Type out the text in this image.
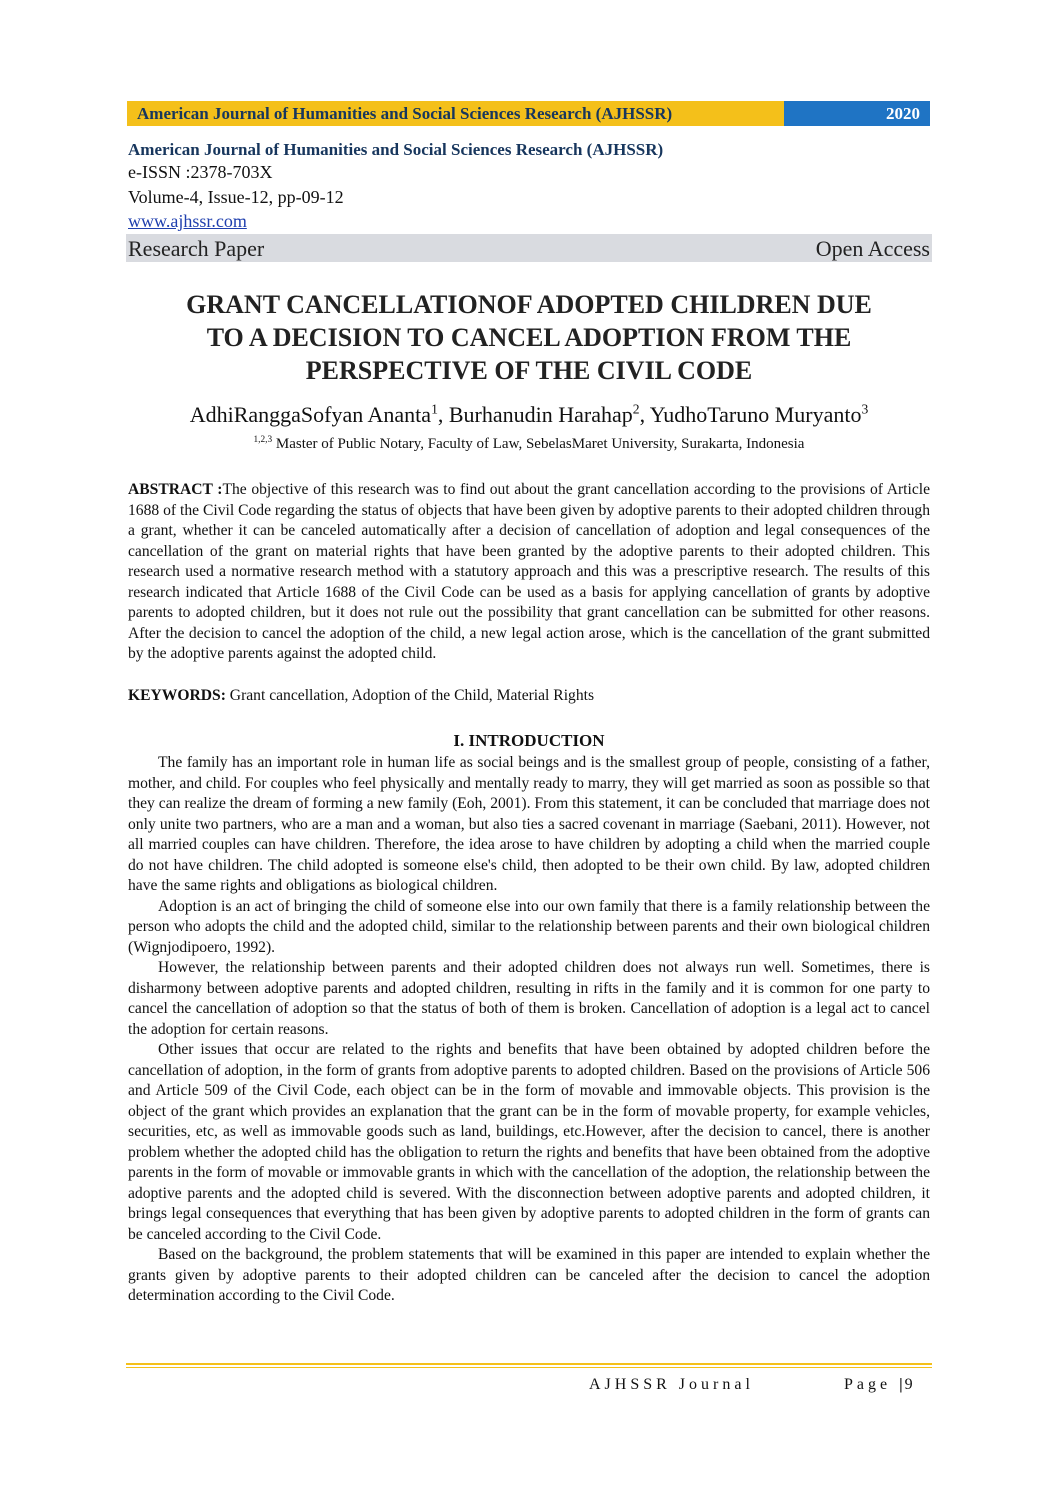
American Journal of Humanities and Social Sciences Research (AJHSSR)	2020
American Journal of Humanities and Social Sciences Research (AJHSSR)
e-ISSN :2378-703X
Volume-4, Issue-12, pp-09-12
www.ajhssr.com
Research Paper	Open Access
GRANT CANCELLATIONOF ADOPTED CHILDREN DUE
TO A DECISION TO CANCEL ADOPTION FROM THE
PERSPECTIVE OF THE CIVIL CODE
AdhiRanggaSofyan Ananta$^1$, Burhanudin Harahap$^2$, YudhoTaruno Muryanto$^3$
$^{1,2,3}$ Master of Public Notary, Faculty of Law, SebelasMaret University, Surakarta, Indonesia
ABSTRACT :The objective of this research was to find out about the grant cancellation according to the provisions of Article 1688 of the Civil Code regarding the status of objects that have been given by adoptive parents to their adopted children through a grant, whether it can be canceled automatically after a decision of cancellation of adoption and legal consequences of the cancellation of the grant on material rights that have been granted by the adoptive parents to their adopted children. This research used a normative research method with a statutory approach and this was a prescriptive research. The results of this research indicated that Article 1688 of the Civil Code can be used as a basis for applying cancellation of grants by adoptive parents to adopted children, but it does not rule out the possibility that grant cancellation can be submitted for other reasons. After the decision to cancel the adoption of the child, a new legal action arose, which is the cancellation of the grant submitted by the adoptive parents against the adopted child.
KEYWORDS: Grant cancellation, Adoption of the Child, Material Rights
I. INTRODUCTION

The family has an important role in human life as social beings and is the smallest group of people, consisting of a father, mother, and child. For couples who feel physically and mentally ready to marry, they will get married as soon as possible so that they can realize the dream of forming a new family (Eoh, 2001). From this statement, it can be concluded that marriage does not only unite two partners, who are a man and a woman, but also ties a sacred covenant in marriage (Saebani, 2011). However, not all married couples can have children. Therefore, the idea arose to have children by adopting a child when the married couple do not have children. The child adopted is someone else's child, then adopted to be their own child. By law, adopted children have the same rights and obligations as biological children.

Adoption is an act of bringing the child of someone else into our own family that there is a family relationship between the person who adopts the child and the adopted child, similar to the relationship between parents and their own biological children (Wignjodipoero, 1992).

However, the relationship between parents and their adopted children does not always run well. Sometimes, there is disharmony between adoptive parents and adopted children, resulting in rifts in the family and it is common for one party to cancel the cancellation of adoption so that the status of both of them is broken. Cancellation of adoption is a legal act to cancel the adoption for certain reasons.

Other issues that occur are related to the rights and benefits that have been obtained by adopted children before the cancellation of adoption, in the form of grants from adoptive parents to adopted children. Based on the provisions of Article 506 and Article 509 of the Civil Code, each object can be in the form of movable and immovable objects. This provision is the object of the grant which provides an explanation that the grant can be in the form of movable property, for example vehicles, securities, etc, as well as immovable goods such as land, buildings, etc.However, after the decision to cancel, there is another problem whether the adopted child has the obligation to return the rights and benefits that have been obtained from the adoptive parents in the form of movable or immovable grants in which with the cancellation of the adoption, the relationship between the adoptive parents and the adopted child is severed. With the disconnection between adoptive parents and adopted children, it brings legal consequences that everything that has been given by adoptive parents to adopted children in the form of grants can be canceled according to the Civil Code.

Based on the background, the problem statements that will be examined in this paper are intended to explain whether the grants given by adoptive parents to their adopted children can be canceled after the decision to cancel the adoption determination according to the Civil Code.

AJHSSR Journal	Page |9
